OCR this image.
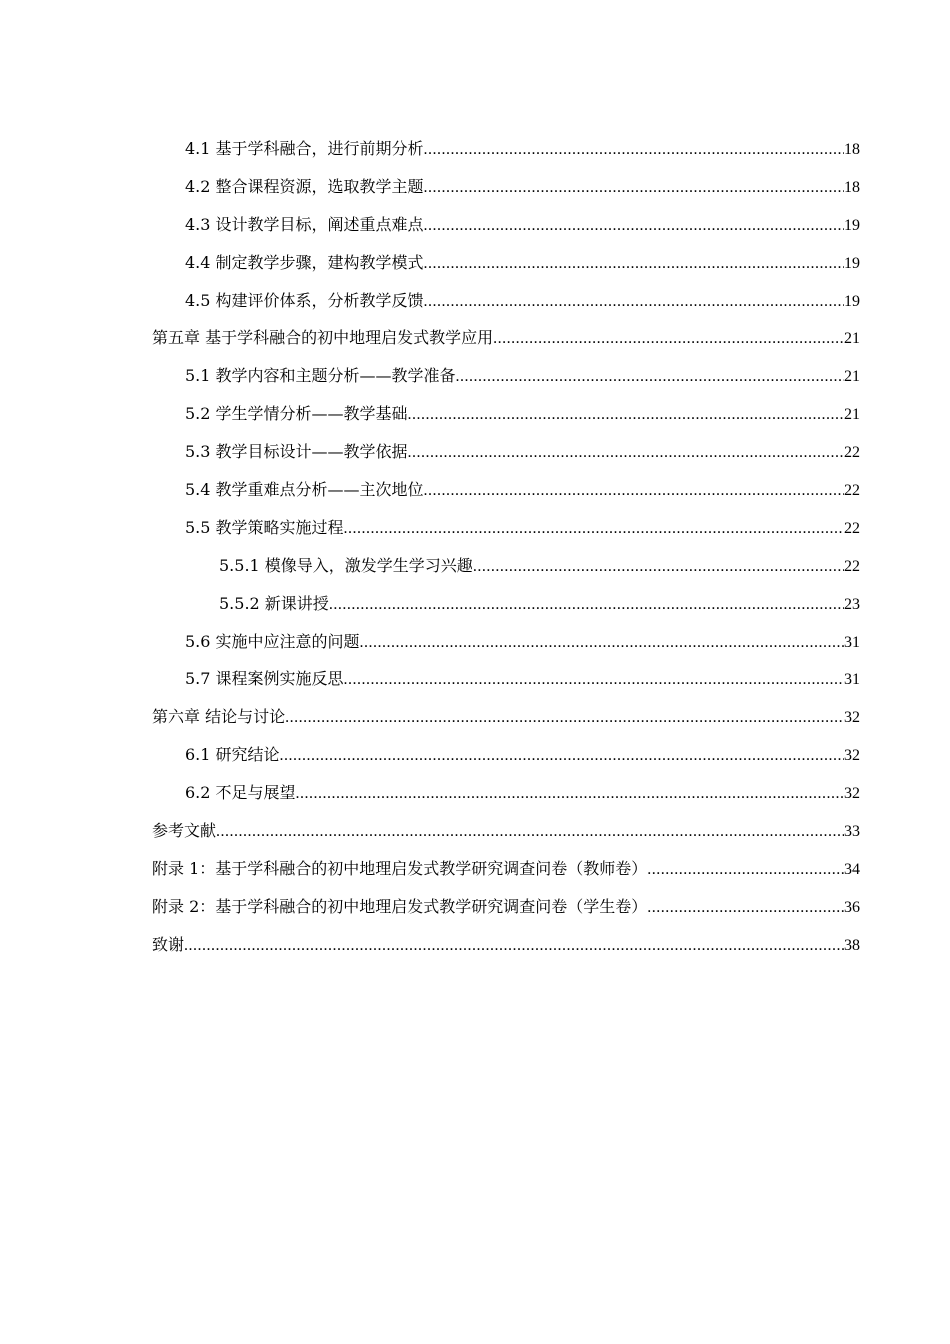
4.1 基于学科融合，进行前期分析 .....	18
4.2 整合课程资源，选取教学主题 .....	18
4.3 设计教学目标，阐述重点难点 .....	19
4.4 制定教学步骤，建构教学模式 .....	19
4.5 构建评价体系，分析教学反馈 .....	19
第五章 基于学科融合的初中地理启发式教学应用 .....	21
5.1 教学内容和主题分析——教学准备 .....	21
5.2 学生学情分析——教学基础 .....	21
5.3 教学目标设计——教学依据 .....	22
5.4 教学重难点分析——主次地位 .....	22
5.5 教学策略实施过程 .....	22
5.5.1 模像导入，激发学生学习兴趣 .....	22
5.5.2 新课讲授 .....	23
5.6 实施中应注意的问题 .....	31
5.7 课程案例实施反思 .....	31
第六章 结论与讨论 .....	32
6.1 研究结论 .....	32
6.2 不足与展望 .....	32
参考文献 .....	33
附录 1：基于学科融合的初中地理启发式教学研究调查问卷（教师卷） .....	34
附录 2：基于学科融合的初中地理启发式教学研究调查问卷（学生卷） .....	36
致谢 .....	38
